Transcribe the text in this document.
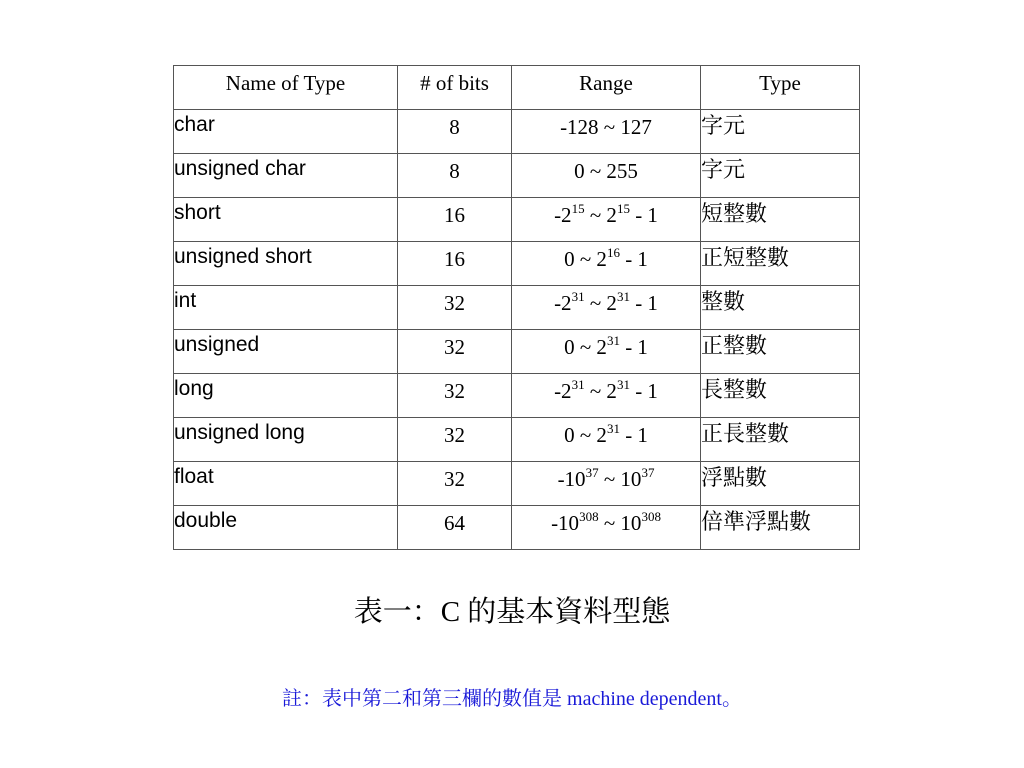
Name of Type	# of bits	Range	Type
char	8	-128 ~ 127	字元
unsigned char	8	0 ~ 255	字元
short	16	$-2^{15}$ ~ $2^{15} - 1$	短整數
unsigned short	16	0 ~ $2^{16} - 1$	正短整數
int	32	$-2^{31}$ ~ $2^{31} - 1$	整數
unsigned	32	0 ~ $2^{31} - 1$	正整數
long	32	$-2^{31}$ ~ $2^{31} - 1$	長整數
unsigned long	32	0 ~ $2^{31} - 1$	正長整數
float	32	$-10^{37}$ ~ $10^{37}$	浮點數
double	64	$-10^{308}$ ~ $10^{308}$	倍準浮點數
表一：C 的基本資料型態
註：表中第二和第三欄的數值是 machine dependent。
